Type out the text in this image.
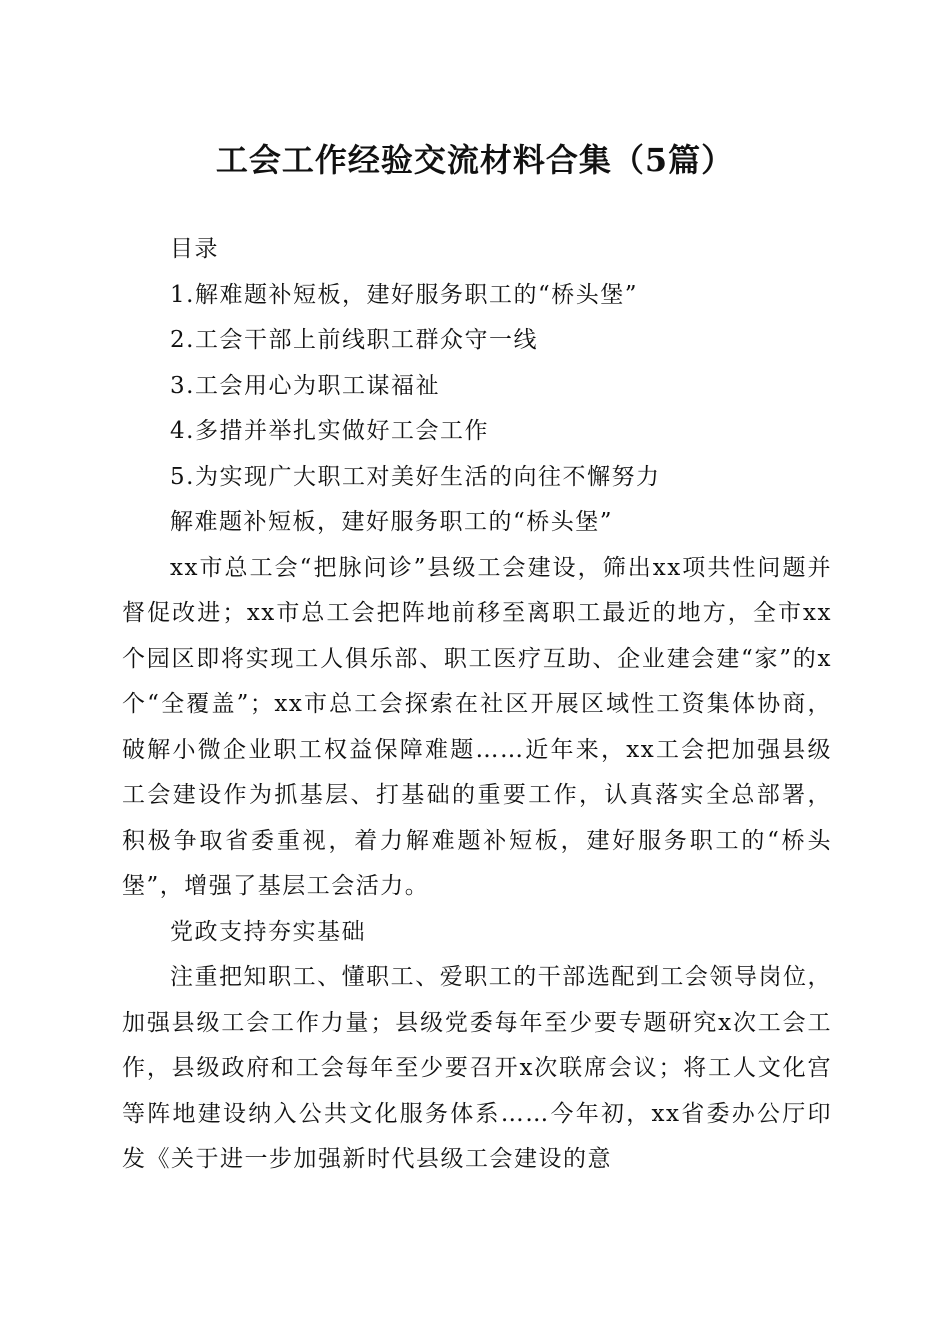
工会工作经验交流材料合集（5篇）

目录

1.解难题补短板，建好服务职工的“桥头堡”

2.工会干部上前线职工群众守一线

3.工会用心为职工谋福祉

4.多措并举扎实做好工会工作

5.为实现广大职工对美好生活的向往不懈努力

解难题补短板，建好服务职工的“桥头堡”

xx市总工会“把脉问诊”县级工会建设，筛出xx项共性问题并督促改进；xx市总工会把阵地前移至离职工最近的地方，全市xx个园区即将实现工人俱乐部、职工医疗互助、企业建会建“家”的x个“全覆盖”；xx市总工会探索在社区开展区域性工资集体协商，破解小微企业职工权益保障难题……近年来，xx工会把加强县级工会建设作为抓基层、打基础的重要工作，认真落实全总部署，积极争取省委重视，着力解难题补短板，建好服务职工的“桥头堡”，增强了基层工会活力。

党政支持夯实基础

注重把知职工、懂职工、爱职工的干部选配到工会领导岗位，加强县级工会工作力量；县级党委每年至少要专题研究x次工会工作，县级政府和工会每年至少要召开x次联席会议；将工人文化宫等阵地建设纳入公共文化服务体系……今年初，xx省委办公厅印发《关于进一步加强新时代县级工会建设的意
